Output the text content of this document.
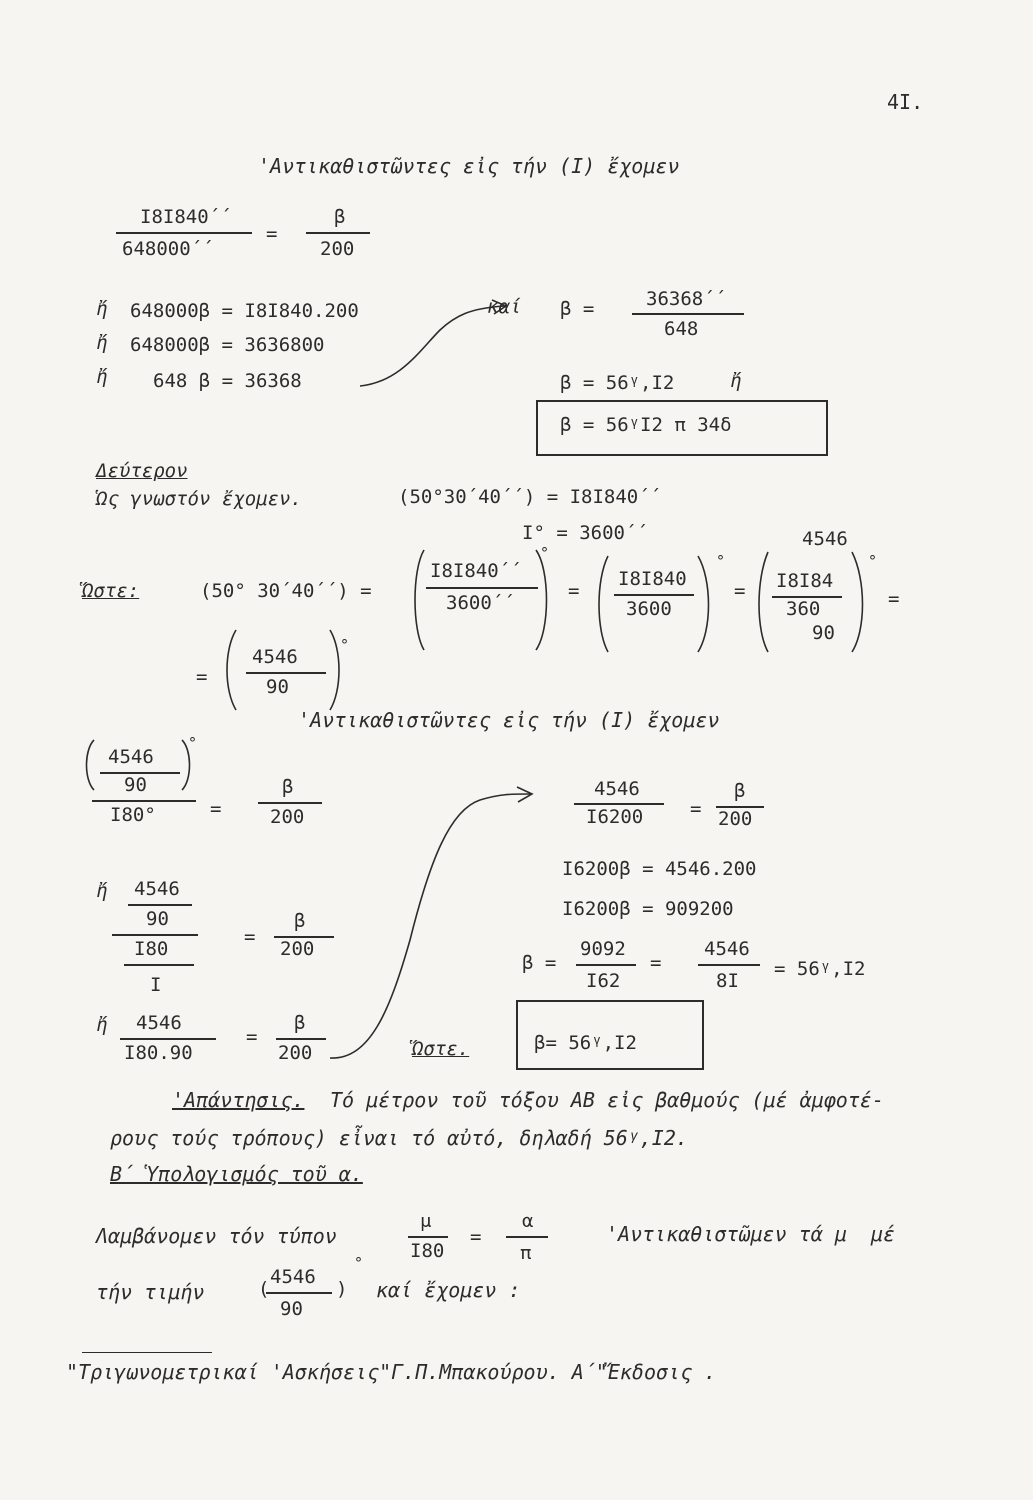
4I.
'Αντικαθιστῶντες εἰς τήν (Ι) ἔχομεν
I8I840΄΄
648000΄΄
=
β
200
ἤ 648000β = I8I840.200
ἤ 648000β = 3636800
ἤ 648 β = 36368
καί β =	36368΄΄
648
β = 56ᵞ,I2	ἤ
β = 56ᵞI2 π 34δ
Δεύτερον
Ὡς γνωστόν ἔχομεν.	(50°30΄40΄΄) = I8I840΄΄
I° = 3600΄΄
Ὥστε:	(50° 30΄40΄΄) =
I8I840΄΄
3600΄΄
°
=
I8I840
3600
°
=
4546
I8I84
360
90
°
=
=
4546
90
°
'Αντικαθιστῶντες εἰς τήν (Ι) ἔχομεν
4546
90
°
I80°	=
β
200
4546
I6200 =
β
200
ἤ 4546
90
I80
I
=
β
200
I6200β = 4546.200
I6200β = 909200
β =
9092
I62
=
4546
8I
= 56ᵞ,I2
ἤ 4546
I80.90
=
β
200	Ὥστε.	β= 56ᵞ,I2
'Απάντησις. Τό μέτρον τοῦ τόξου ΑΒ εἰς βαθμούς (μέ ἀμφοτέ-
ρους τούς τρόπους) εἶναι τό αὐτό, δηλαδή 56ᵞ,Ι2.
Β΄ Ὑπολογισμός τοῦ α.
Λαμβάνομεν τόν τύπον
μ
I80
=
α
π
'Αντικαθιστῶμεν τά μ  μέ
τήν τιμήν	(
4546
90
)
°
καί ἔχομεν :
"Τριγωνομετρικαί 'Ασκήσεις"Γ.Π.Μπακούρου. Α΄"Ἔκδοσις .
